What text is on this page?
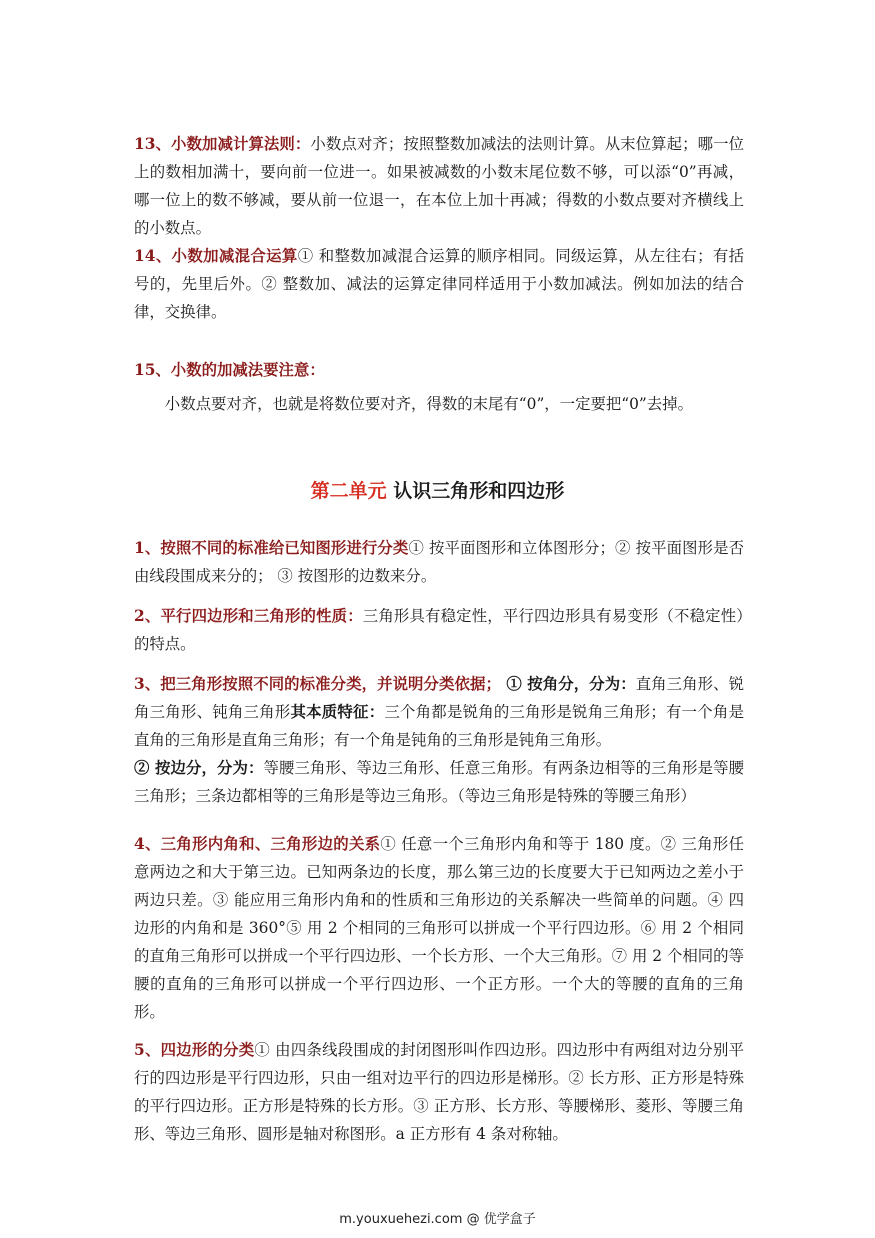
13、小数加减计算法则：小数点对齐；按照整数加减法的法则计算。从末位算起；哪一位上的数相加满十，要向前一位进一。如果被减数的小数末尾位数不够，可以添“0”再减，哪一位上的数不够减，要从前一位退一，在本位上加十再减；得数的小数点要对齐横线上的小数点。

14、小数加减混合运算① 和整数加减混合运算的顺序相同。同级运算，从左往右；有括号的，先里后外。② 整数加、减法的运算定律同样适用于小数加减法。例如加法的结合律，交换律。

15、小数的加减法要注意：

小数点要对齐，也就是将数位要对齐，得数的末尾有“0”，一定要把“0”去掉。

第二单元 认识三角形和四边形

1、按照不同的标准给已知图形进行分类① 按平面图形和立体图形分；② 按平面图形是否由线段围成来分的； ③ 按图形的边数来分。

2、平行四边形和三角形的性质：三角形具有稳定性，平行四边形具有易变形（不稳定性）的特点。

3、把三角形按照不同的标准分类，并说明分类依据； ① 按角分，分为：直角三角形、锐角三角形、钝角三角形其本质特征：三个角都是锐角的三角形是锐角三角形；有一个角是直角的三角形是直角三角形；有一个角是钝角的三角形是钝角三角形。
② 按边分，分为：等腰三角形、等边三角形、任意三角形。有两条边相等的三角形是等腰三角形；三条边都相等的三角形是等边三角形。（等边三角形是特殊的等腰三角形）

4、三角形内角和、三角形边的关系① 任意一个三角形内角和等于 180 度。② 三角形任意两边之和大于第三边。已知两条边的长度，那么第三边的长度要大于已知两边之差小于两边只差。③ 能应用三角形内角和的性质和三角形边的关系解决一些简单的问题。④ 四边形的内角和是 360°⑤ 用 2 个相同的三角形可以拼成一个平行四边形。⑥ 用 2 个相同的直角三角形可以拼成一个平行四边形、一个长方形、一个大三角形。⑦ 用 2 个相同的等腰的直角的三角形可以拼成一个平行四边形、一个正方形。一个大的等腰的直角的三角形。

5、四边形的分类① 由四条线段围成的封闭图形叫作四边形。四边形中有两组对边分别平行的四边形是平行四边形，只由一组对边平行的四边形是梯形。② 长方形、正方形是特殊的平行四边形。正方形是特殊的长方形。③ 正方形、长方形、等腰梯形、菱形、等腰三角形、等边三角形、圆形是轴对称图形。a 正方形有 4 条对称轴。

m.youxuehezi.com @ 优学盒子
